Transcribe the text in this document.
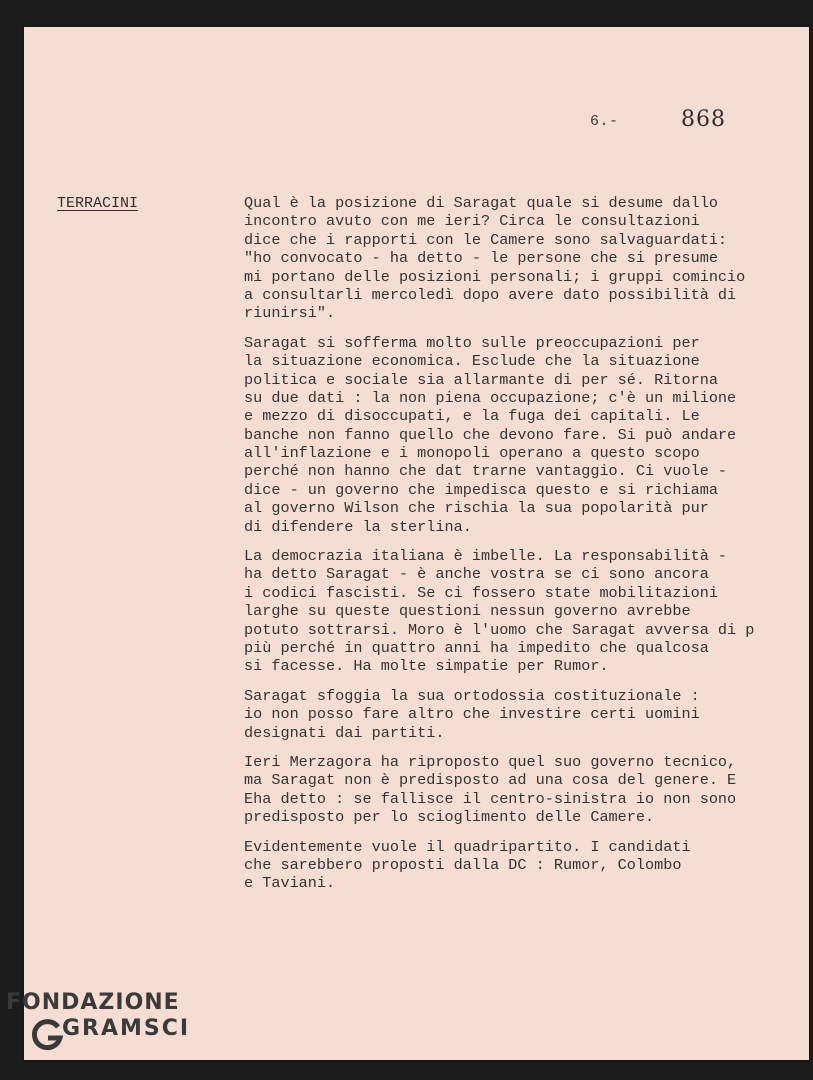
6.-	868
TERRACINI	Qual è la posizione di Saragat quale si desume dallo
incontro avuto con me ieri? Circa le consultazioni
dice che i rapporti con le Camere sono salvaguardati:
"ho convocato - ha detto - le persone che si presume
mi portano delle posizioni personali; i gruppi comincio
a consultarli mercoledì dopo avere dato possibilità di
riunirsi".
Saragat si sofferma molto sulle preoccupazioni per
la situazione economica. Esclude che la situazione
politica e sociale sia allarmante di per sé. Ritorna
su due dati : la non piena occupazione; c'è un milione
e mezzo di disoccupati, e la fuga dei capitali. Le
banche non fanno quello che devono fare. Si può andare
all'inflazione e i monopoli operano a questo scopo
perché non hanno che dat trarne vantaggio. Ci vuole -
dice - un governo che impedisca questo e si richiama
al governo Wilson che rischia la sua popolarità pur
di difendere la sterlina.
La democrazia italiana è imbelle. La responsabilità -
ha detto Saragat - è anche vostra se ci sono ancora
i codici fascisti. Se ci fossero state mobilitazioni
larghe su queste questioni nessun governo avrebbe
potuto sottrarsi. Moro è l'uomo che Saragat avversa di p
più perché in quattro anni ha impedito che qualcosa
si facesse. Ha molte simpatie per Rumor.
Saragat sfoggia la sua ortodossia costituzionale :
io non posso fare altro che investire certi uomini
designati dai partiti.
Ieri Merzagora ha riproposto quel suo governo tecnico,
ma Saragat non è predisposto ad una cosa del genere. E
Eha detto : se fallisce il centro-sinistra io non sono
predisposto per lo scioglimento delle Camere.
Evidentemente vuole il quadripartito. I candidati
che sarebbero proposti dalla DC : Rumor, Colombo
e Taviani.
FONDAZIONE
GRAMSCI
